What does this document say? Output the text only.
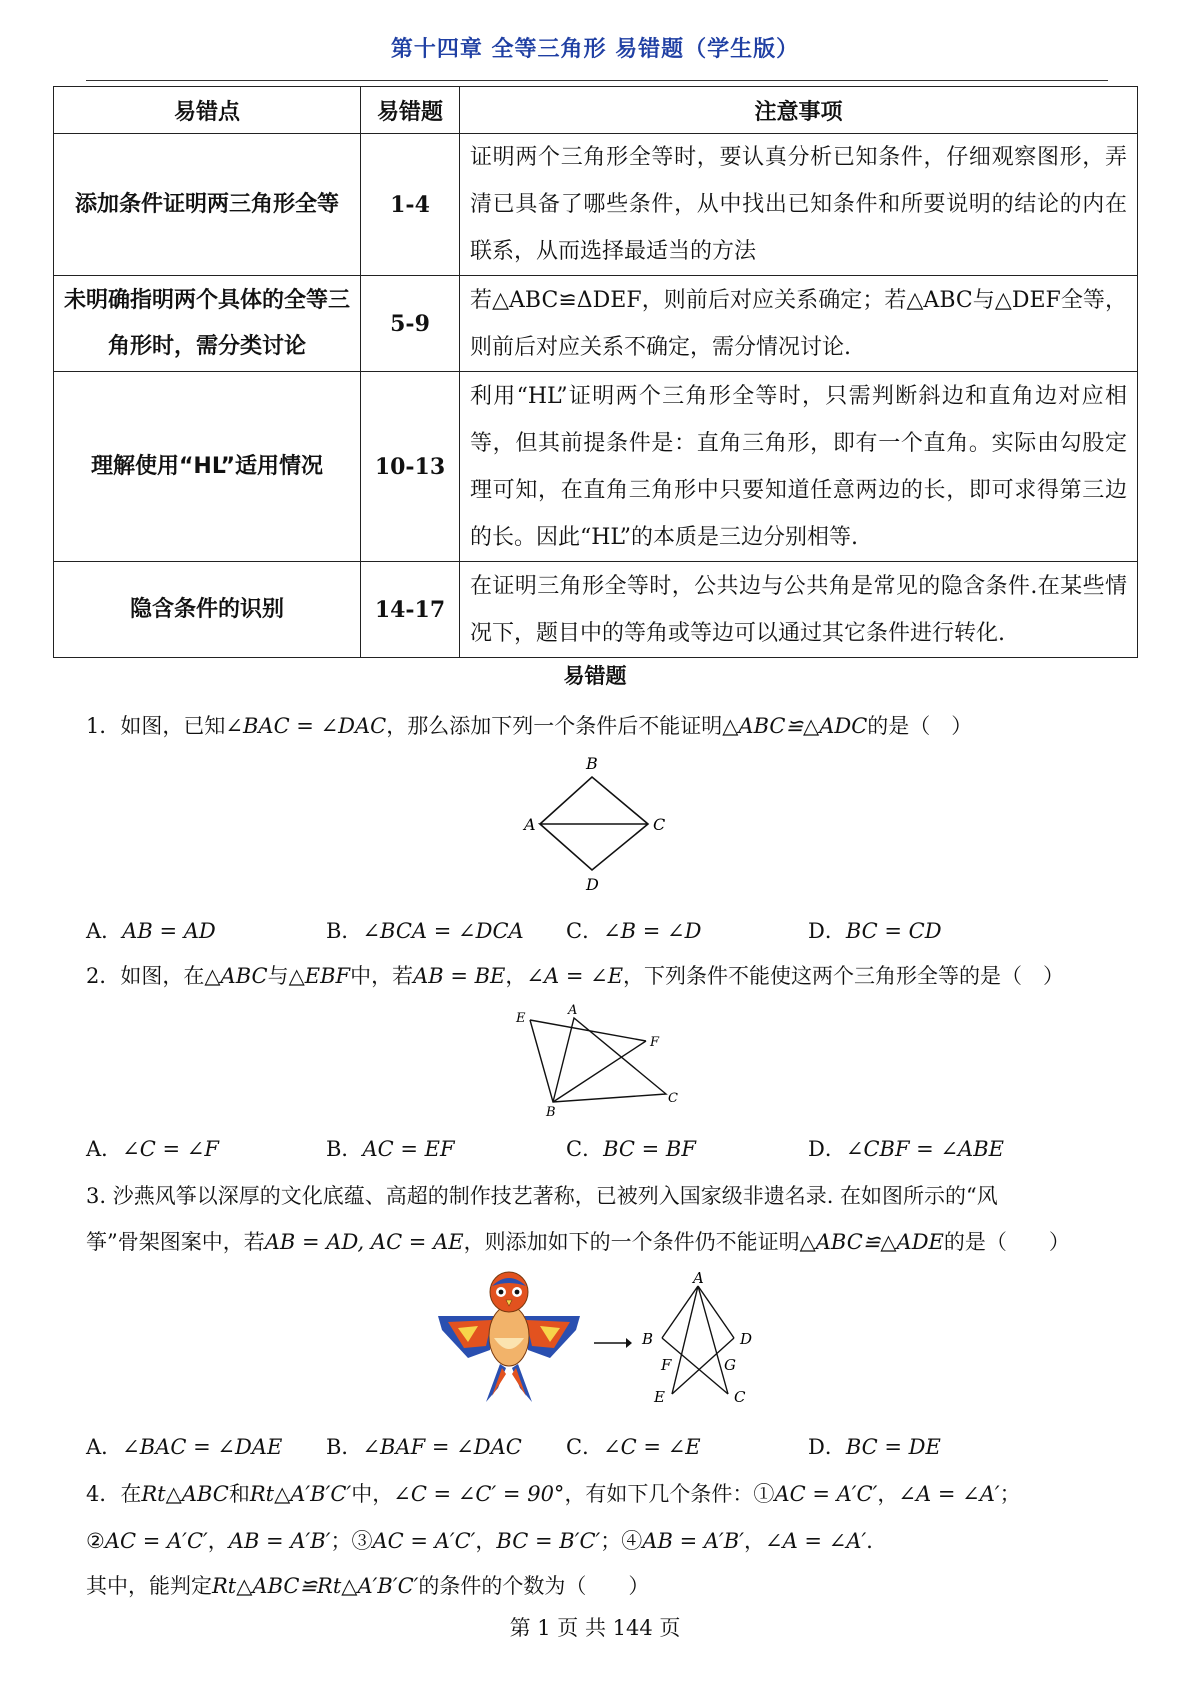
第十四章 全等三角形 易错题（学生版）
易错点	易错题	注意事项
添加条件证明两三角形全等	1-4	证明两个三角形全等时，要认真分析已知条件，仔细观察图形，弄清已具备了哪些条件，从中找出已知条件和所要说明的结论的内在联系，从而选择最适当的方法
未明确指明两个具体的全等三角形时，需分类讨论	5-9	若△ABC≌ΔDEF，则前后对应关系确定；若△ABC与△DEF全等，则前后对应关系不确定，需分情况讨论.
理解使用“HL”适用情况	10-13	利用“HL”证明两个三角形全等时，只需判断斜边和直角边对应相等，但其前提条件是：直角三角形，即有一个直角。实际由勾股定理可知，在直角三角形中只要知道任意两边的长，即可求得第三边的长。因此“HL”的本质是三边分别相等.
隐含条件的识别	14-17	在证明三角形全等时，公共边与公共角是常见的隐含条件.在某些情况下，题目中的等角或等边可以通过其它条件进行转化.
易错题
1．如图，已知∠BAC = ∠DAC，那么添加下列一个条件后不能证明△ABC≌△ADC的是（　）
B
A	C
D
A．AB = AD	B．∠BCA = ∠DCA C．∠B = ∠D	D．BC = CD
2．如图，在△ABC与△EBF中，若AB = BE，∠A = ∠E，下列条件不能使这两个三角形全等的是（　）
E
A
F
B
C
A．∠C = ∠F	B．AC = EF	C．BC = BF	D．∠CBF = ∠ABE
3. 沙燕风筝以深厚的文化底蕴、高超的制作技艺著称，已被列入国家级非遗名录. 在如图所示的“风
筝”骨架图案中，若AB = AD, AC = AE，则添加如下的一个条件仍不能证明△ABC≌△ADE的是（　　）
A
B	D
F	G
E	C
A．∠BAC = ∠DAE B．∠BAF = ∠DAC C．∠C = ∠E	D．BC = DE
4．在Rt△ABC和Rt△A′B′C′中，∠C = ∠C′ = 90°，有如下几个条件：①AC = A′C′，∠A = ∠A′；
②AC = A′C′，AB = A′B′；③AC = A′C′，BC = B′C′；④AB = A′B′，∠A = ∠A′．
其中，能判定Rt△ABC≌Rt△A′B′C′的条件的个数为（　　）
第 1 页 共 144 页
